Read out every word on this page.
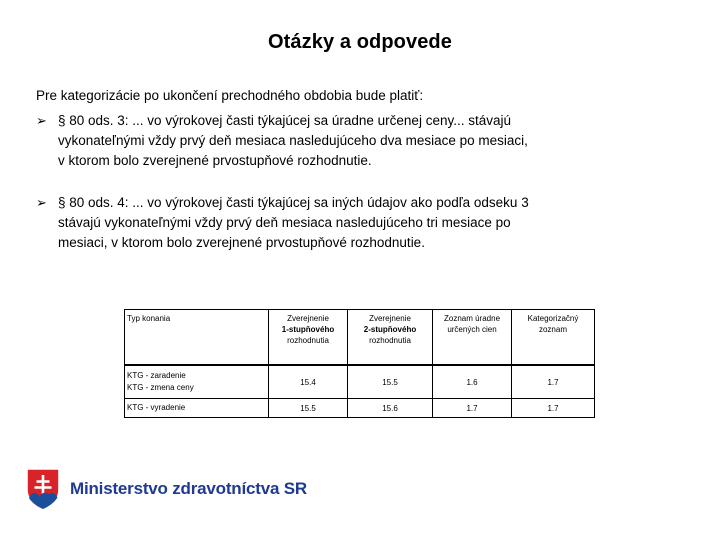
Otázky a odpovede

Pre kategorizácie po ukončení prechodného obdobia bude platiť:

➢ § 80 ods. 3: ... vo výrokovej časti týkajúcej sa úradne určenej ceny... stávajú
vykonateľnými vždy prvý deň mesiaca nasledujúceho dva mesiace po mesiaci,
v ktorom bolo zverejnené prvostupňové rozhodnutie.
➢ § 80 ods. 4: ... vo výrokovej časti týkajúcej sa iných údajov ako podľa odseku 3
stávajú vykonateľnými vždy prvý deň mesiaca nasledujúceho tri mesiace po
mesiaci, v ktorom bolo zverejnené prvostupňové rozhodnutie.
Typ konania	Zverejnenie
1-stupňového
rozhodnutia	Zverejnenie
2-stupňového
rozhodnutia	Zoznam úradne
určených cien	Kategorizačný
zoznam

KTG - zaradenie
KTG - zmena ceny	15.4	15.5	1.6	1.7
KTG - vyradenie	15.5	15.6	1.7	1.7
Ministerstvo zdravotníctva SR
